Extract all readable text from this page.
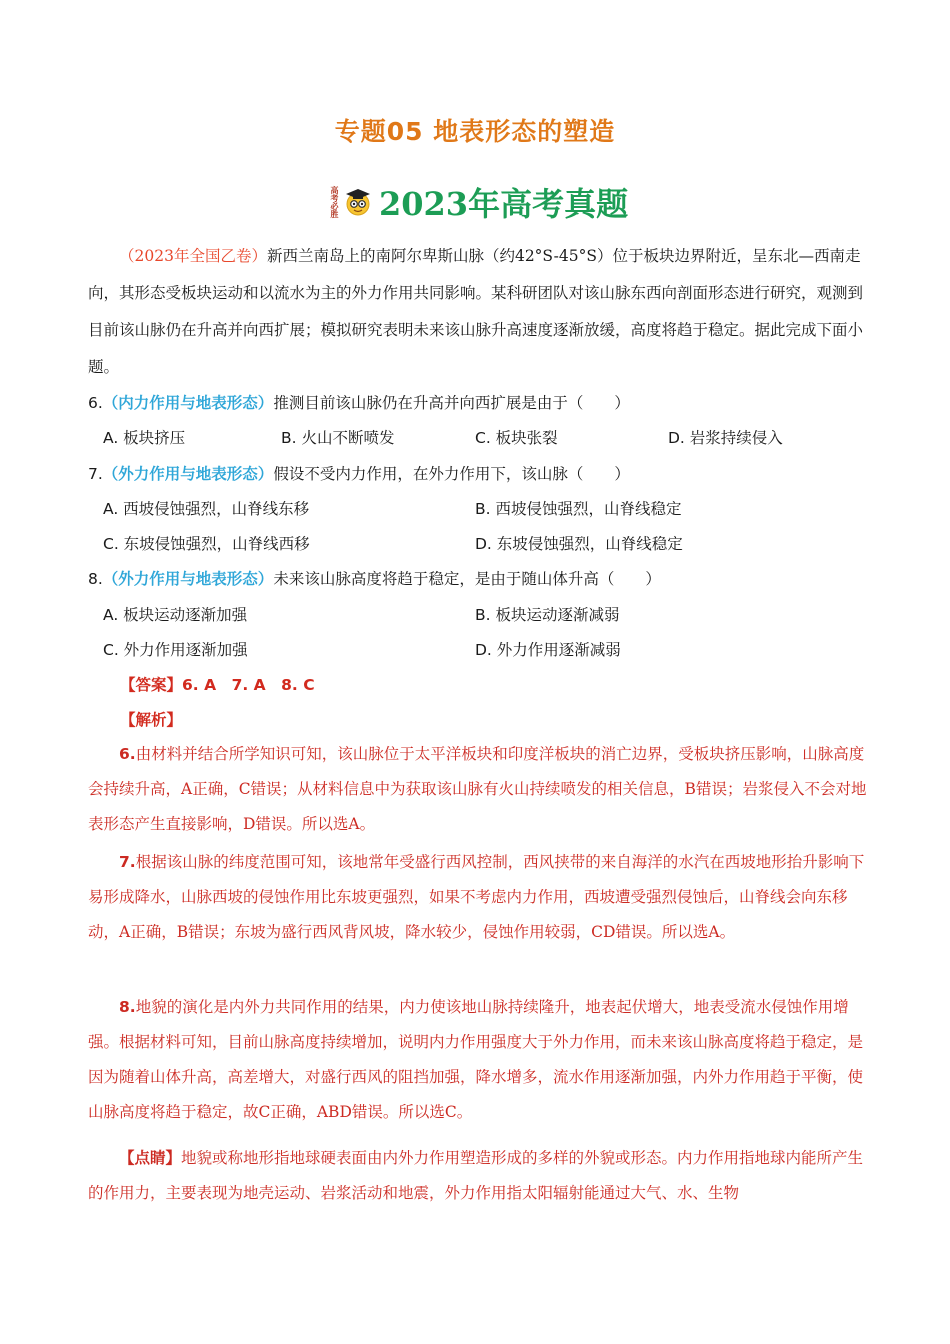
专题05 地表形态的塑造
高考必胜 2023年高考真题
（2023年全国乙卷）新西兰南岛上的南阿尔卑斯山脉（约42°S-45°S）位于板块边界附近，呈东北—西南走向，其形态受板块运动和以流水为主的外力作用共同影响。某科研团队对该山脉东西向剖面形态进行研究，观测到目前该山脉仍在升高并向西扩展；模拟研究表明未来该山脉升高速度逐渐放缓，高度将趋于稳定。据此完成下面小题。
6.（内力作用与地表形态）推测目前该山脉仍在升高并向西扩展是由于（　　）
A. 板块挤压	B. 火山不断喷发	C. 板块张裂	D. 岩浆持续侵入
7.（外力作用与地表形态）假设不受内力作用，在外力作用下，该山脉（　　）
A. 西坡侵蚀强烈，山脊线东移	B. 西坡侵蚀强烈，山脊线稳定
C. 东坡侵蚀强烈，山脊线西移	D. 东坡侵蚀强烈，山脊线稳定
8.（外力作用与地表形态）未来该山脉高度将趋于稳定，是由于随山体升高（　　）
A. 板块运动逐渐加强	B. 板块运动逐渐减弱
C. 外力作用逐渐加强	D. 外力作用逐渐减弱
【答案】6. A　7. A　8. C
【解析】
6.由材料并结合所学知识可知，该山脉位于太平洋板块和印度洋板块的消亡边界，受板块挤压影响，山脉高度会持续升高，A正确，C错误；从材料信息中为获取该山脉有火山持续喷发的相关信息，B错误；岩浆侵入不会对地表形态产生直接影响，D错误。所以选A。
7.根据该山脉的纬度范围可知，该地常年受盛行西风控制，西风挟带的来自海洋的水汽在西坡地形抬升影响下易形成降水，山脉西坡的侵蚀作用比东坡更强烈，如果不考虑内力作用，西坡遭受强烈侵蚀后，山脊线会向东移动，A正确，B错误；东坡为盛行西风背风坡，降水较少，侵蚀作用较弱，CD错误。所以选A。
8.地貌的演化是内外力共同作用的结果，内力使该地山脉持续隆升，地表起伏增大，地表受流水侵蚀作用增强。根据材料可知，目前山脉高度持续增加，说明内力作用强度大于外力作用，而未来该山脉高度将趋于稳定，是因为随着山体升高，高差增大，对盛行西风的阻挡加强，降水增多，流水作用逐渐加强，内外力作用趋于平衡，使山脉高度将趋于稳定，故C正确，ABD错误。所以选C。
【点睛】地貌或称地形指地球硬表面由内外力作用塑造形成的多样的外貌或形态。内力作用指地球内能所产生的作用力，主要表现为地壳运动、岩浆活动和地震，外力作用指太阳辐射能通过大气、水、生物
